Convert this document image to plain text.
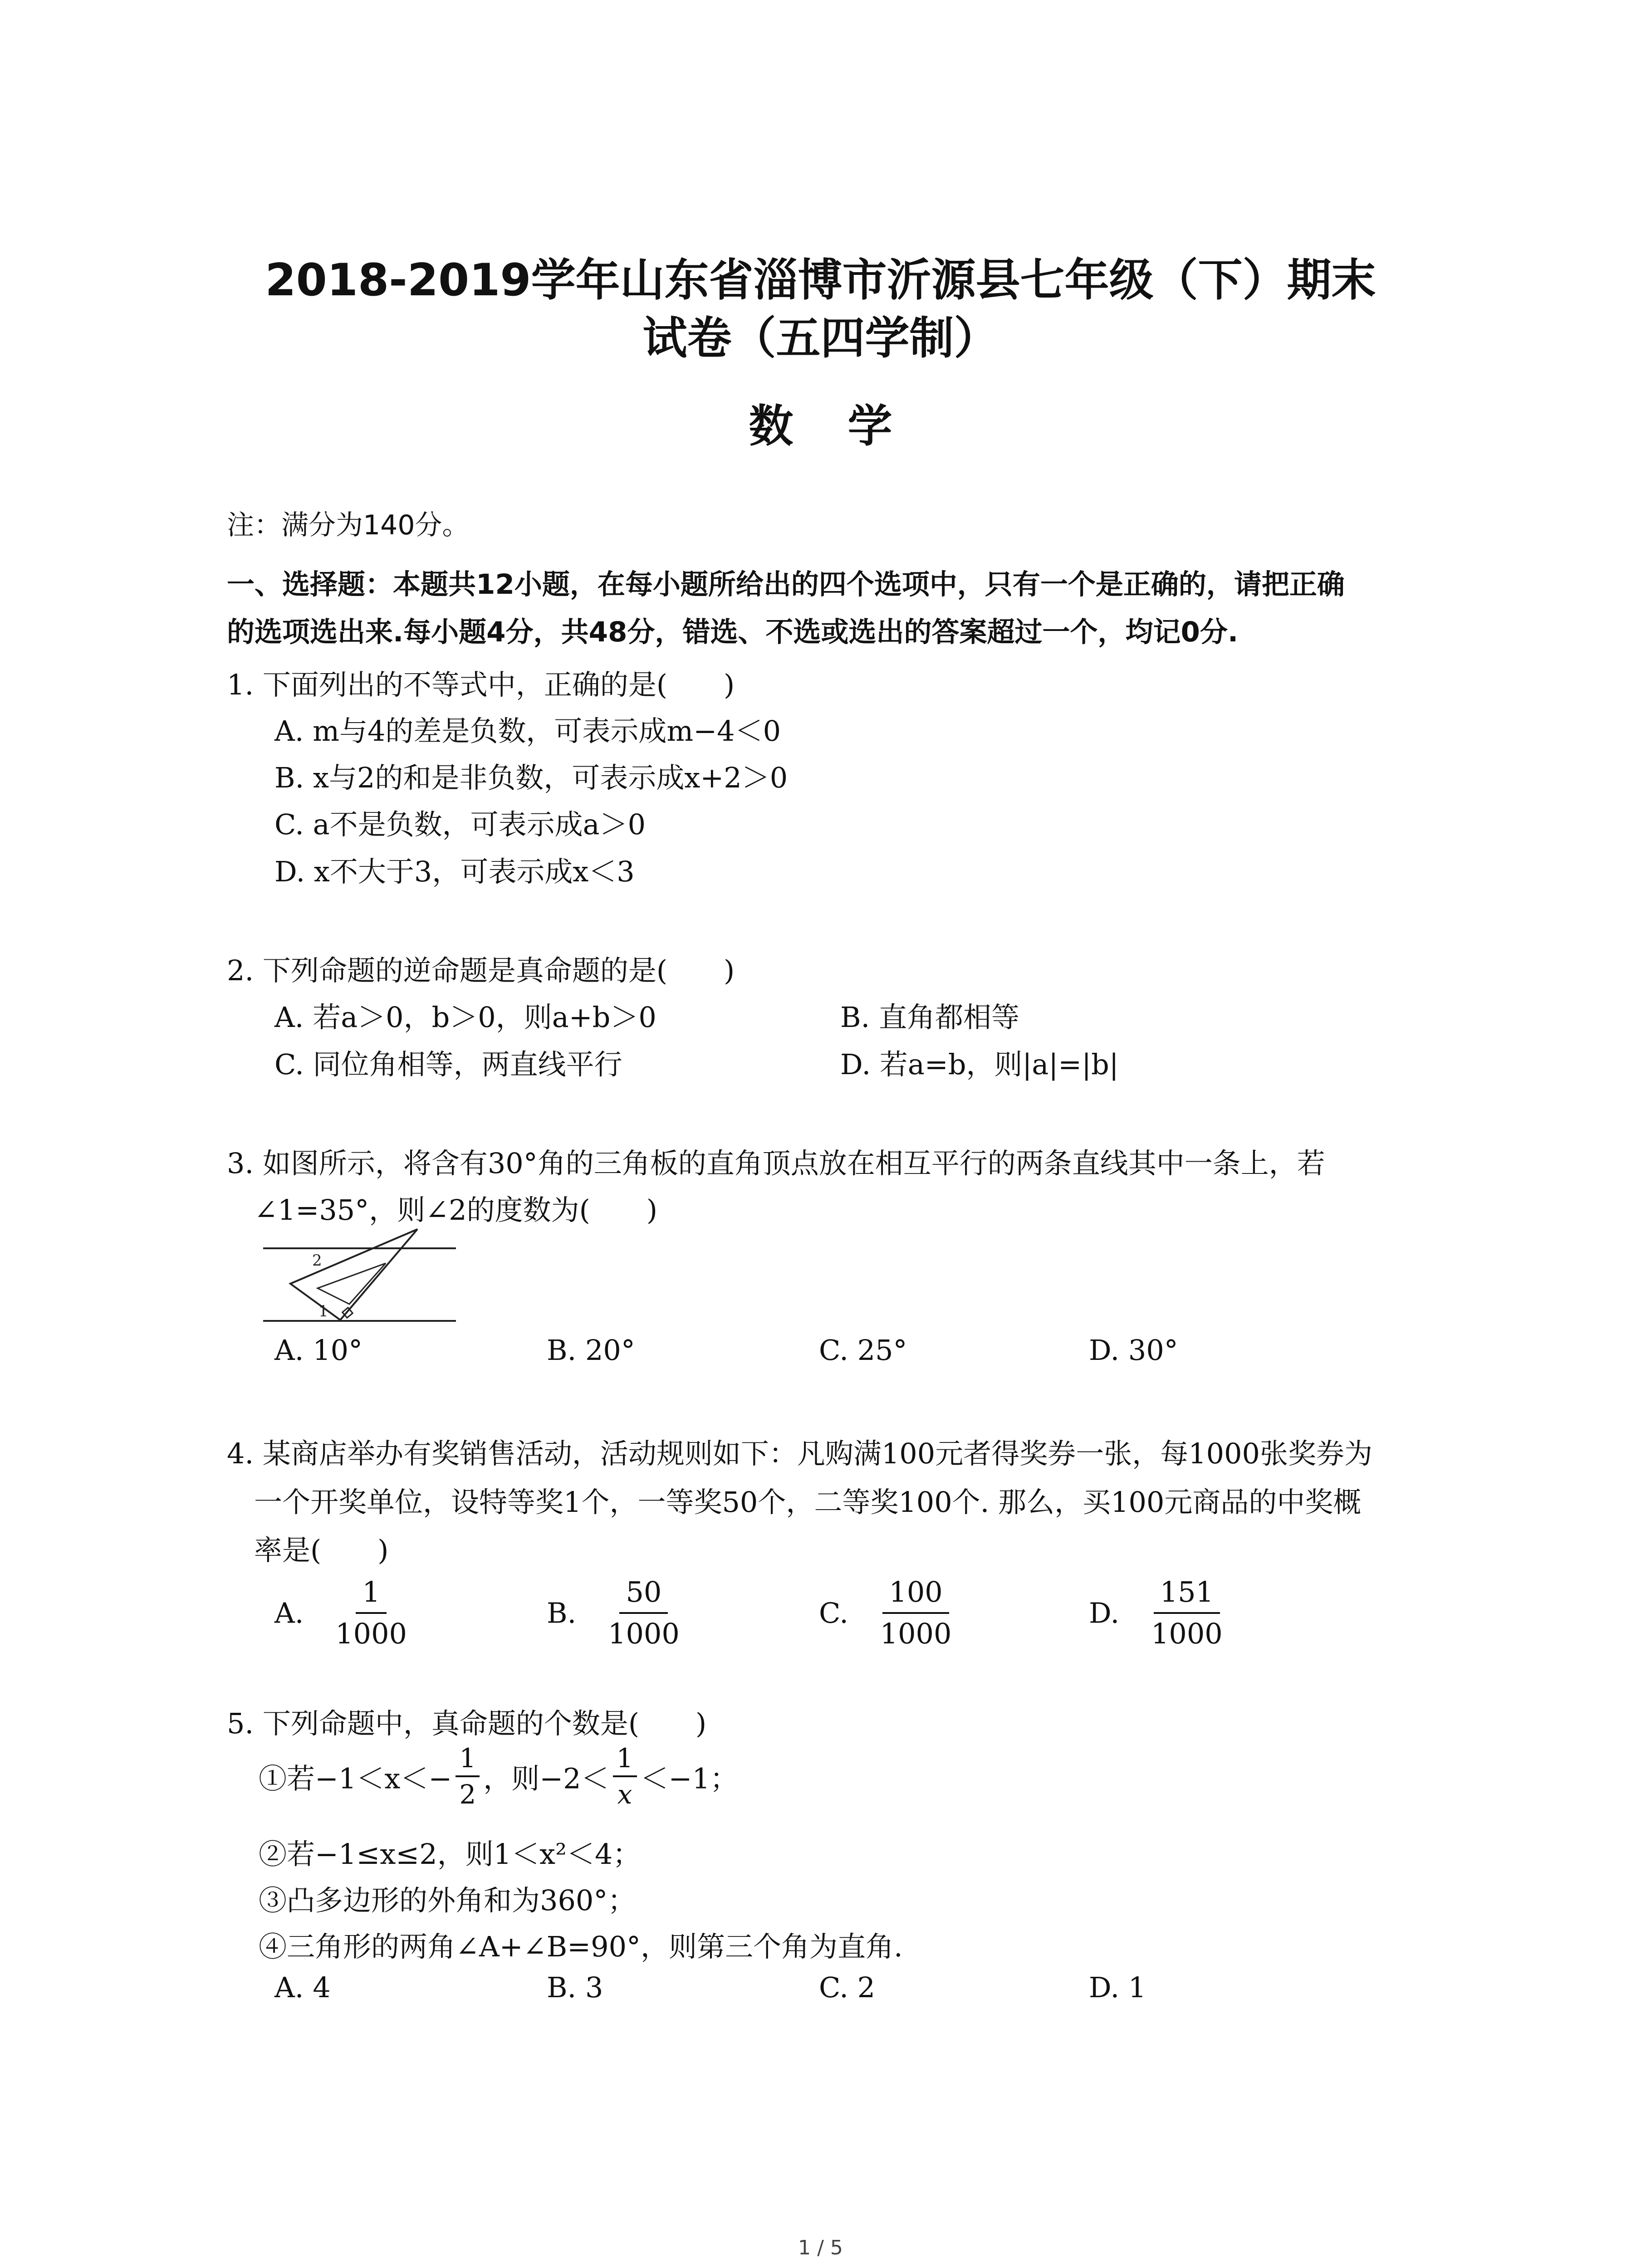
2018-2019学年山东省淄博市沂源县七年级（下）期末
试卷（五四学制）
数 学
注：满分为140分。
一、选择题：本题共12小题，在每小题所给出的四个选项中，只有一个是正确的，请把正确
的选项选出来.每小题4分，共48分，错选、不选或选出的答案超过一个，均记0分.
1. 下面列出的不等式中，正确的是(　　)
A. m与4的差是负数，可表示成m−4＜0
B. x与2的和是非负数，可表示成x+2＞0
C. a不是负数，可表示成a＞0
D. x不大于3，可表示成x＜3
2. 下列命题的逆命题是真命题的是(　　)
A. 若a＞0，b＞0，则a+b＞0	B. 直角都相等
C. 同位角相等，两直线平行	D. 若a=b，则|a|=|b|
3. 如图所示，将含有30°角的三角板的直角顶点放在相互平行的两条直线其中一条上，若
∠1=35°，则∠2的度数为(　　)
2
1
A. 10°	B. 20°	C. 25°	D. 30°
4. 某商店举办有奖销售活动，活动规则如下：凡购满100元者得奖券一张，每1000张奖券为
一个开奖单位，设特等奖1个，一等奖50个，二等奖100个. 那么，买100元商品的中奖概
率是(　　)
A. $\frac{1}{1000}$	B. $\frac{50}{1000}$	C. $\frac{100}{1000}$	D. $\frac{151}{1000}$
5. 下列命题中，真命题的个数是(　　)
①若$-1<x<- \frac{1}{2}$ ，则$-2< \frac{1}{x} <-1$；
②若−1≤x≤2，则1＜x²＜4；
③凸多边形的外角和为360°；
④三角形的两角∠A+∠B=90°，则第三个角为直角.
A. 4	B. 3	C. 2	D. 1
1 / 5
